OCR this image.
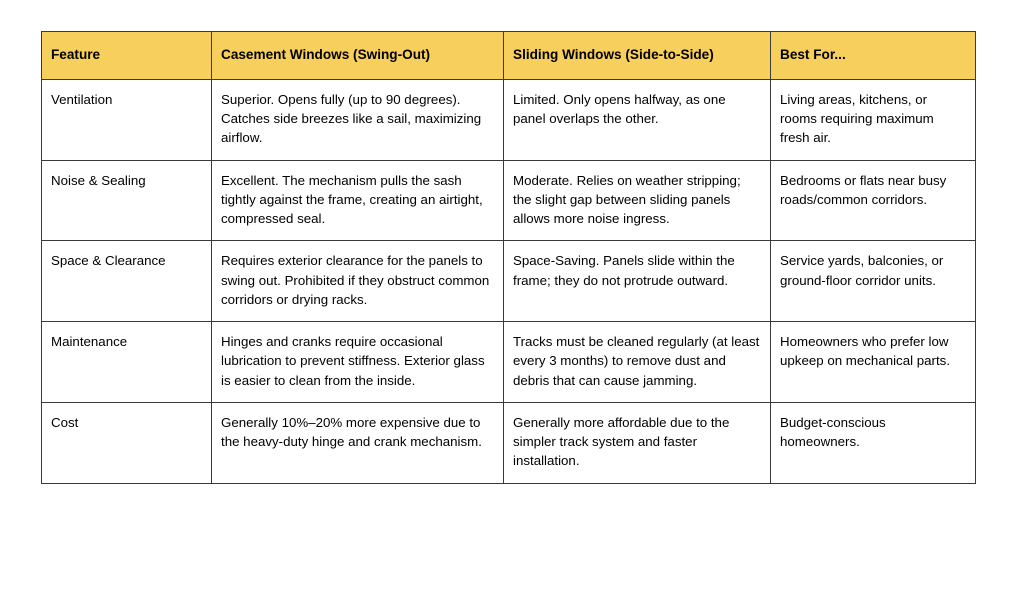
Feature	Casement Windows (Swing-Out)	Sliding Windows (Side-to-Side)	Best For...
Ventilation	Superior. Opens fully (up to 90 degrees). Catches side breezes like a sail, maximizing airflow.	Limited. Only opens halfway, as one panel overlaps the other.	Living areas, kitchens, or rooms requiring maximum fresh air.
Noise & Sealing	Excellent. The mechanism pulls the sash tightly against the frame, creating an airtight, compressed seal.	Moderate. Relies on weather stripping; the slight gap between sliding panels allows more noise ingress.	Bedrooms or flats near busy roads/common corridors.
Space & Clearance	Requires exterior clearance for the panels to swing out. Prohibited if they obstruct common corridors or drying racks.	Space-Saving. Panels slide within the frame; they do not protrude outward.	Service yards, balconies, or ground-floor corridor units.
Maintenance	Hinges and cranks require occasional lubrication to prevent stiffness. Exterior glass is easier to clean from the inside.	Tracks must be cleaned regularly (at least every 3 months) to remove dust and debris that can cause jamming.	Homeowners who prefer low upkeep on mechanical parts.
Cost	Generally 10%–20% more expensive due to the heavy-duty hinge and crank mechanism.	Generally more affordable due to the simpler track system and faster installation.	Budget-conscious homeowners.
